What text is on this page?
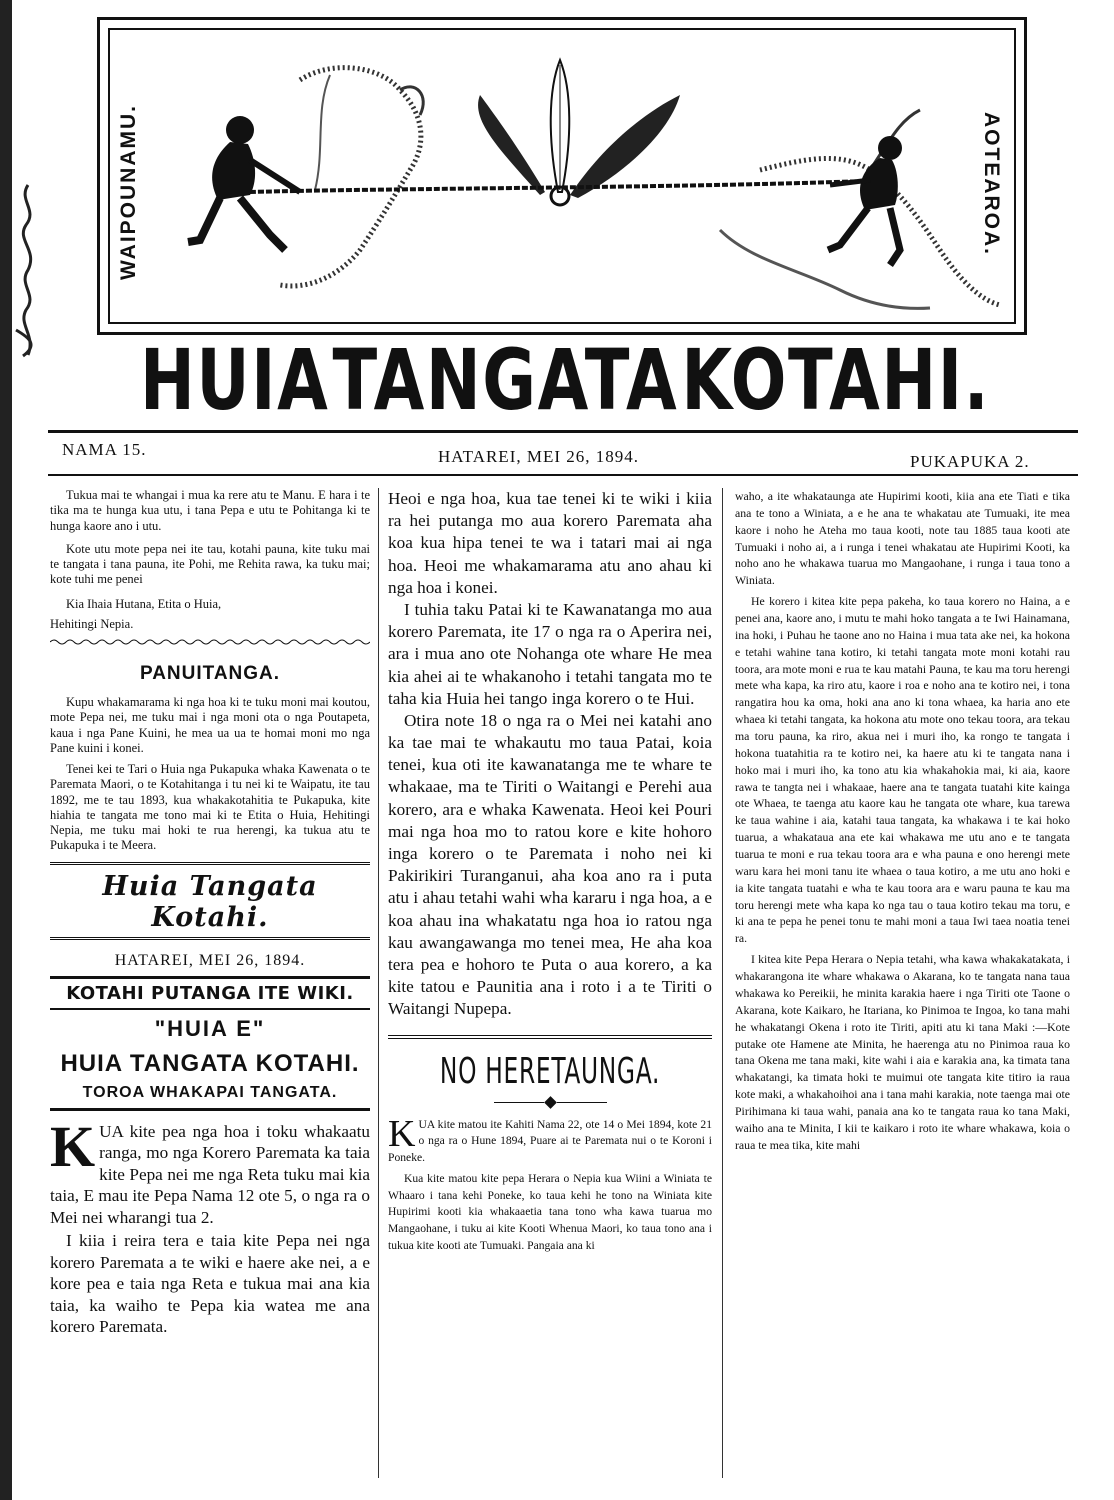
WAIPOUNAMU.	AOTEAROA.
HUIA TANGATA KOTAHI.
NAMA 15.	HATAREI, MEI 26, 1894.	PUKAPUKA 2.

Tukua mai te whangai i mua ka rere atu te Manu. E hara i te tika ma te hunga kua utu, i tana Pepa e utu te Pohitanga ki te hunga kaore ano i utu.

Kote utu mote pepa nei ite tau, kotahi pauna, kite tuku mai te tangata i tana pauna, ite Pohi, me Rehita rawa, ka tuku mai; kote tuhi me penei

Kia Ihaia Hutana, Etita o Huia,

Hehitingi Nepia.

PANUITANGA.

Kupu whakamarama ki nga hoa ki te tuku moni mai koutou, mote Pepa nei, me tuku mai i nga moni ota o nga Poutapeta, kaua i nga Pane Kuini, he mea ua ua te homai moni mo nga Pane kuini i konei.

Tenei kei te Tari o Huia nga Pukapuka whaka Kawenata o te Paremata Maori, o te Kotahitanga i tu nei ki te Waipatu, ite tau 1892, me te tau 1893, kua whakakotahitia te Pukapuka, kite hiahia te tangata me tono mai ki te Etita o Huia, Hehitingi Nepia, me tuku mai hoki te rua herengi, ka tukua atu te Pukapuka i te Meera.

Huia Tangata Kotahi.
HATAREI, MEI 26, 1894.
KOTAHI PUTANGA ITE WIKI.
"HUIA E"
HUIA TANGATA KOTAHI.
TOROA WHAKAPAI TANGATA.

KUA kite pea nga hoa i toku whakaatu ranga, mo nga Korero Paremata ka taia kite Pepa nei me nga Reta tuku mai kia taia, E mau ite Pepa Nama 12 ote 5, o nga ra o Mei nei wharangi tua 2.

I kiia i reira tera e taia kite Pepa nei nga korero Paremata a te wiki e haere ake nei, a e kore pea e taia nga Reta e tukua mai ana kia taia, ka waiho te Pepa kia watea me ana korero Paremata.

Heoi e nga hoa, kua tae tenei ki te wiki i kiia ra hei putanga mo aua korero Paremata aha koa kua hipa tenei te wa i tatari mai ai nga hoa. Heoi me whakamarama atu ano ahau ki nga hoa i konei.

I tuhia taku Patai ki te Kawanatanga mo aua korero Paremata, ite 17 o nga ra o Aperira nei, ara i mua ano ote Nohanga ote whare He mea kia ahei ai te whakanoho i tetahi tangata mo te taha kia Huia hei tango inga korero o te Hui.

Otira note 18 o nga ra o Mei nei katahi ano ka tae mai te whakautu mo taua Patai, koia tenei, kua oti ite kawanatanga me te whare te whakaae, ma te Tiriti o Waitangi e Perehi aua korero, ara e whaka Kawenata. Heoi kei Pouri mai nga hoa mo to ratou kore e kite hohoro inga korero o te Paremata i noho nei ki Pakirikiri Turanganui, aha koa ano ra i puta atu i ahau tetahi wahi wha kararu i nga hoa, a e koa ahau ina whakatatu nga hoa io ratou nga kau awangawanga mo tenei mea, He aha koa tera pea e hohoro te Puta o aua korero, a ka kite tatou e Paunitia ana i roto i a te Tiriti o Waitangi Nupepa.

NO HERETAUNGA.

KUA kite matou ite Kahiti Nama 22, ote 14 o Mei 1894, kote 21 o nga ra o Hune 1894, Puare ai te Paremata nui o te Koroni i Poneke.

Kua kite matou kite pepa Herara o Nepia kua Wiini a Winiata te Whaaro i tana kehi Poneke, ko taua kehi he tono na Winiata kite Hupirimi kooti kia whakaaetia tana tono wha kawa tuarua mo Mangaohane, i tuku ai kite Kooti Whenua Maori, ko taua tono ana i tukua kite kooti ate Tumuaki. Pangaia ana ki

waho, a ite whakataunga ate Hupirimi kooti, kiia ana ete Tiati e tika ana te tono a Winiata, a e he ana te whakatau ate Tumuaki, ite mea kaore i noho he Ateha mo taua kooti, note tau 1885 taua kooti ate Tumuaki i noho ai, a i runga i tenei whakatau ate Hupirimi Kooti, ka noho ano he whakawa tuarua mo Mangaohane, i runga i taua tono a Winiata.

He korero i kitea kite pepa pakeha, ko taua korero no Haina, a e penei ana, kaore ano, i mutu te mahi hoko tangata a te Iwi Hainamana, ina hoki, i Puhau he taone ano no Haina i mua tata ake nei, ka hokona e tetahi wahine tana kotiro, ki tetahi tangata mote moni kotahi rau toora, ara mote moni e rua te kau matahi Pauna, te kau ma toru herengi mete wha kapa, ka riro atu, kaore i roa e noho ana te kotiro nei, i tona rangatira hou ka oma, hoki ana ano ki tona whaea, ka haria ano ete whaea ki tetahi tangata, ka hokona atu mote ono tekau toora, ara tekau ma toru pauna, ka riro, akua nei i muri iho, ka rongo te tangata i hokona tuatahitia ra te kotiro nei, ka haere atu ki te tangata nana i hoko mai i muri iho, ka tono atu kia whakahokia mai, ki aia, kaore rawa te tangta nei i whakaae, haere ana te tangata tuatahi kite kainga ote Whaea, te taenga atu kaore kau he tangata ote whare, kua tarewa ke taua wahine i aia, katahi taua tangata, ka whakawa i te kai hoko tuarua, a whakataua ana ete kai whakawa me utu ano e te tangata tuarua te moni e rua tekau toora ara e wha pauna e ono herengi mete waru kara hei moni tanu ite whaea o taua kotiro, a me utu ano hoki e ia kite tangata tuatahi e wha te kau toora ara e waru pauna te kau ma toru herengi mete wha kapa ko nga tau o taua kotiro tekau ma toru, e ki ana te pepa he penei tonu te mahi moni a taua Iwi taea noatia tenei ra.

I kitea kite Pepa Herara o Nepia tetahi, wha kawa whakakatakata, i whakarangona ite whare whakawa o Akarana, ko te tangata nana taua whakawa ko Pereikii, he minita karakia haere i nga Tiriti ote Taone o Akarana, kote Kaikaro, he Itariana, ko Pinimoa te Ingoa, ko tana mahi he whakatangi Okena i roto ite Tiriti, apiti atu ki tana Maki :—Kote putake ote Hamene ate Minita, he haerenga atu no Pinimoa raua ko tana Okena me tana maki, kite wahi i aia e karakia ana, ka timata tana whakatangi, ka timata hoki te muimui ote tangata kite titiro ia raua kote maki, a whakahoihoi ana i tana mahi karakia, note taenga mai ote Pirihimana ki taua wahi, panaia ana ko te tangata raua ko tana Maki, waiho ana te Minita, I kii te kaikaro i roto ite whare whakawa, koia o raua te mea tika, kite mahi
